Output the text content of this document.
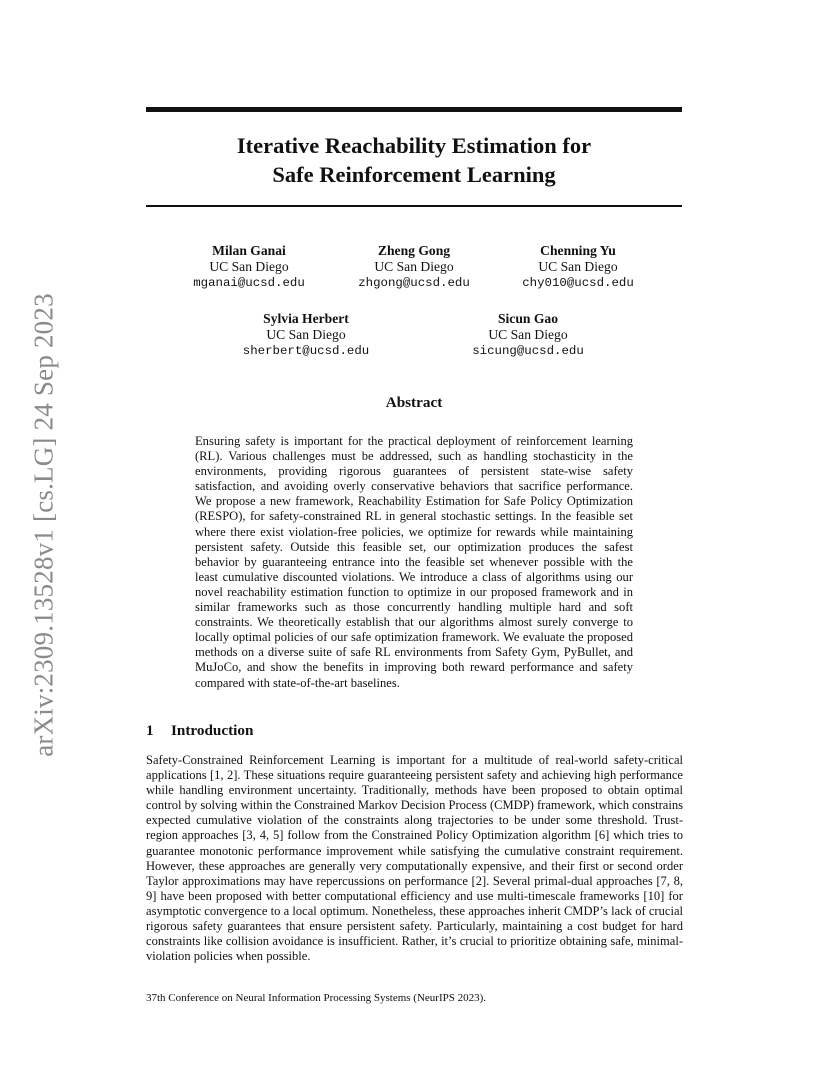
arXiv:2309.13528v1 [cs.LG] 24 Sep 2023
Iterative Reachability Estimation for
Safe Reinforcement Learning
Milan Ganai
UC San Diego
mganai@ucsd.edu
Zheng Gong
UC San Diego
zhgong@ucsd.edu
Chenning Yu
UC San Diego
chy010@ucsd.edu
Sylvia Herbert
UC San Diego
sherbert@ucsd.edu
Sicun Gao
UC San Diego
sicung@ucsd.edu
Abstract

Ensuring safety is important for the practical deployment of reinforcement learning (RL). Various challenges must be addressed, such as handling stochasticity in the environments, providing rigorous guarantees of persistent state-wise safety satisfaction, and avoiding overly conservative behaviors that sacrifice performance. We propose a new framework, Reachability Estimation for Safe Policy Optimization (RESPO), for safety-constrained RL in general stochastic settings. In the feasible set where there exist violation-free policies, we optimize for rewards while maintaining persistent safety. Outside this feasible set, our optimization produces the safest behavior by guaranteeing entrance into the feasible set whenever possible with the least cumulative discounted violations. We introduce a class of algorithms using our novel reachability estimation function to optimize in our proposed framework and in similar frameworks such as those concurrently handling multiple hard and soft constraints. We theoretically establish that our algorithms almost surely converge to locally optimal policies of our safe optimization framework. We evaluate the proposed methods on a diverse suite of safe RL environments from Safety Gym, PyBullet, and MuJoCo, and show the benefits in improving both reward performance and safety compared with state-of-the-art baselines.

1 Introduction

Safety-Constrained Reinforcement Learning is important for a multitude of real-world safety-critical applications [1, 2]. These situations require guaranteeing persistent safety and achieving high performance while handling environment uncertainty. Traditionally, methods have been proposed to obtain optimal control by solving within the Constrained Markov Decision Process (CMDP) framework, which constrains expected cumulative violation of the constraints along trajectories to be under some threshold. Trust-region approaches [3, 4, 5] follow from the Constrained Policy Optimization algorithm [6] which tries to guarantee monotonic performance improvement while satisfying the cumulative constraint requirement. However, these approaches are generally very computationally expensive, and their first or second order Taylor approximations may have repercussions on performance [2]. Several primal-dual approaches [7, 8, 9] have been proposed with better computational efficiency and use multi-timescale frameworks [10] for asymptotic convergence to a local optimum. Nonetheless, these approaches inherit CMDP’s lack of crucial rigorous safety guarantees that ensure persistent safety. Particularly, maintaining a cost budget for hard constraints like collision avoidance is insufficient. Rather, it’s crucial to prioritize obtaining safe, minimal-violation policies when possible.

37th Conference on Neural Information Processing Systems (NeurIPS 2023).
